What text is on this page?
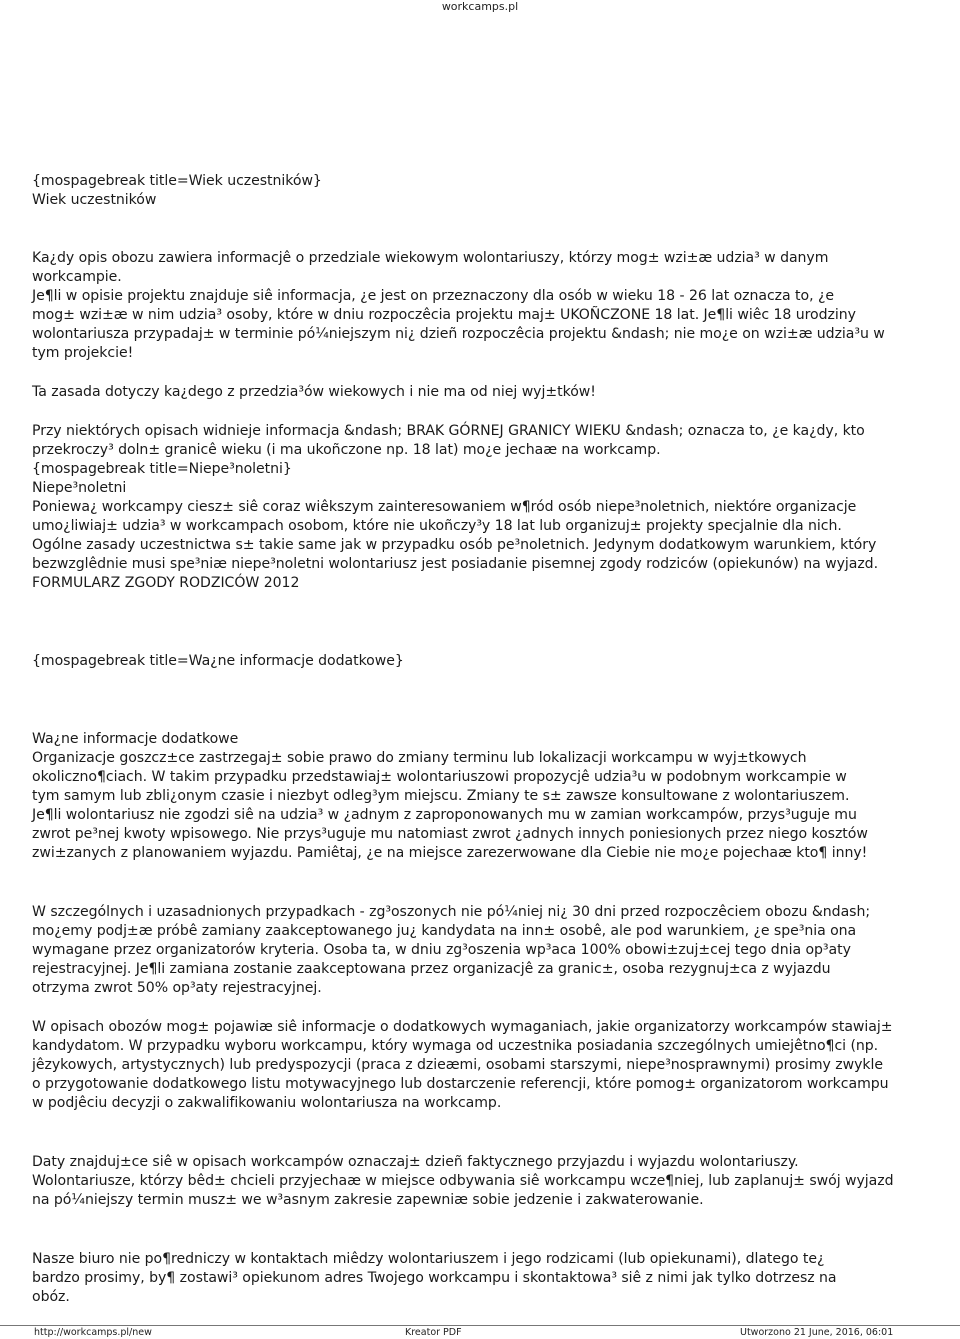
workcamps.pl
{mospagebreak title=Wiek uczestników}
Wiek uczestników
Ka¿dy opis obozu zawiera informacjê o przedziale wiekowym wolontariuszy, którzy mog± wzi±æ udzia³ w danym
workcampie.
Je¶li w opisie projektu znajduje siê informacja, ¿e jest on przeznaczony dla osób w wieku 18 - 26 lat oznacza to, ¿e
mog± wzi±æ w nim udzia³ osoby, które w dniu rozpoczêcia projektu maj± UKOÑCZONE 18 lat. Je¶li wiêc 18 urodziny
wolontariusza przypadaj± w terminie pó¼niejszym ni¿ dzieñ rozpoczêcia projektu &ndash; nie mo¿e on wzi±æ udzia³u w
tym projekcie!
Ta zasada dotyczy ka¿dego z przedzia³ów wiekowych i nie ma od niej wyj±tków!
Przy niektórych opisach widnieje informacja &ndash; BRAK GÓRNEJ GRANICY WIEKU &ndash; oznacza to, ¿e ka¿dy, kto
przekroczy³ doln± granicê wieku (i ma ukoñczone np. 18 lat) mo¿e jechaæ na workcamp.
{mospagebreak title=Niepe³noletni}
Niepe³noletni
Poniewa¿ workcampy ciesz± siê coraz wiêkszym zainteresowaniem w¶ród osób niepe³noletnich, niektóre organizacje
umo¿liwiaj± udzia³ w workcampach osobom, które nie ukoñczy³y 18 lat lub organizuj± projekty specjalnie dla nich.
Ogólne zasady uczestnictwa s± takie same jak w przypadku osób pe³noletnich. Jedynym dodatkowym warunkiem, który
bezwzglêdnie musi spe³niæ niepe³noletni wolontariusz jest posiadanie pisemnej zgody rodziców (opiekunów) na wyjazd.
FORMULARZ ZGODY RODZICÓW 2012
{mospagebreak title=Wa¿ne informacje dodatkowe}
Wa¿ne informacje dodatkowe
Organizacje goszcz±ce zastrzegaj± sobie prawo do zmiany terminu lub lokalizacji workcampu w wyj±tkowych
okoliczno¶ciach. W takim przypadku przedstawiaj± wolontariuszowi propozycjê udzia³u w podobnym workcampie w
tym samym lub zbli¿onym czasie i niezbyt odleg³ym miejscu. Zmiany te s± zawsze konsultowane z wolontariuszem.
Je¶li wolontariusz nie zgodzi siê na udzia³ w ¿adnym z zaproponowanych mu w zamian workcampów, przys³uguje mu
zwrot pe³nej kwoty wpisowego. Nie przys³uguje mu natomiast zwrot ¿adnych innych poniesionych przez niego kosztów
zwi±zanych z planowaniem wyjazdu. Pamiêtaj, ¿e na miejsce zarezerwowane dla Ciebie nie mo¿e pojechaæ kto¶ inny!
W szczególnych i uzasadnionych przypadkach - zg³oszonych nie pó¼niej ni¿ 30 dni przed rozpoczêciem obozu &ndash;
mo¿emy podj±æ próbê zamiany zaakceptowanego ju¿ kandydata na inn± osobê, ale pod warunkiem, ¿e spe³nia ona
wymagane przez organizatorów kryteria. Osoba ta, w dniu zg³oszenia wp³aca 100% obowi±zuj±cej tego dnia op³aty
rejestracyjnej. Je¶li zamiana zostanie zaakceptowana przez organizacjê za granic±, osoba rezygnuj±ca z wyjazdu
otrzyma zwrot 50% op³aty rejestracyjnej.
W opisach obozów mog± pojawiæ siê informacje o dodatkowych wymaganiach, jakie organizatorzy workcampów stawiaj±
kandydatom. W przypadku wyboru workcampu, który wymaga od uczestnika posiadania szczególnych umiejêtno¶ci (np.
jêzykowych, artystycznych) lub predyspozycji (praca z dzieæmi, osobami starszymi, niepe³nosprawnymi) prosimy zwykle
o przygotowanie dodatkowego listu motywacyjnego lub dostarczenie referencji, które pomog± organizatorom workcampu
w podjêciu decyzji o zakwalifikowaniu wolontariusza na workcamp.
Daty znajduj±ce siê w opisach workcampów oznaczaj± dzieñ faktycznego przyjazdu i wyjazdu wolontariuszy.
Wolontariusze, którzy bêd± chcieli przyjechaæ w miejsce odbywania siê workcampu wcze¶niej, lub zaplanuj± swój wyjazd
na pó¼niejszy termin musz± we w³asnym zakresie zapewniæ sobie jedzenie i zakwaterowanie.
Nasze biuro nie po¶redniczy w kontaktach miêdzy wolontariuszem i jego rodzicami (lub opiekunami), dlatego te¿
bardzo prosimy, by¶ zostawi³ opiekunom adres Twojego workcampu i skontaktowa³ siê z nimi jak tylko dotrzesz na
obóz.
http://workcamps.pl/new	Kreator PDF	Utworzono 21 June, 2016, 06:01
